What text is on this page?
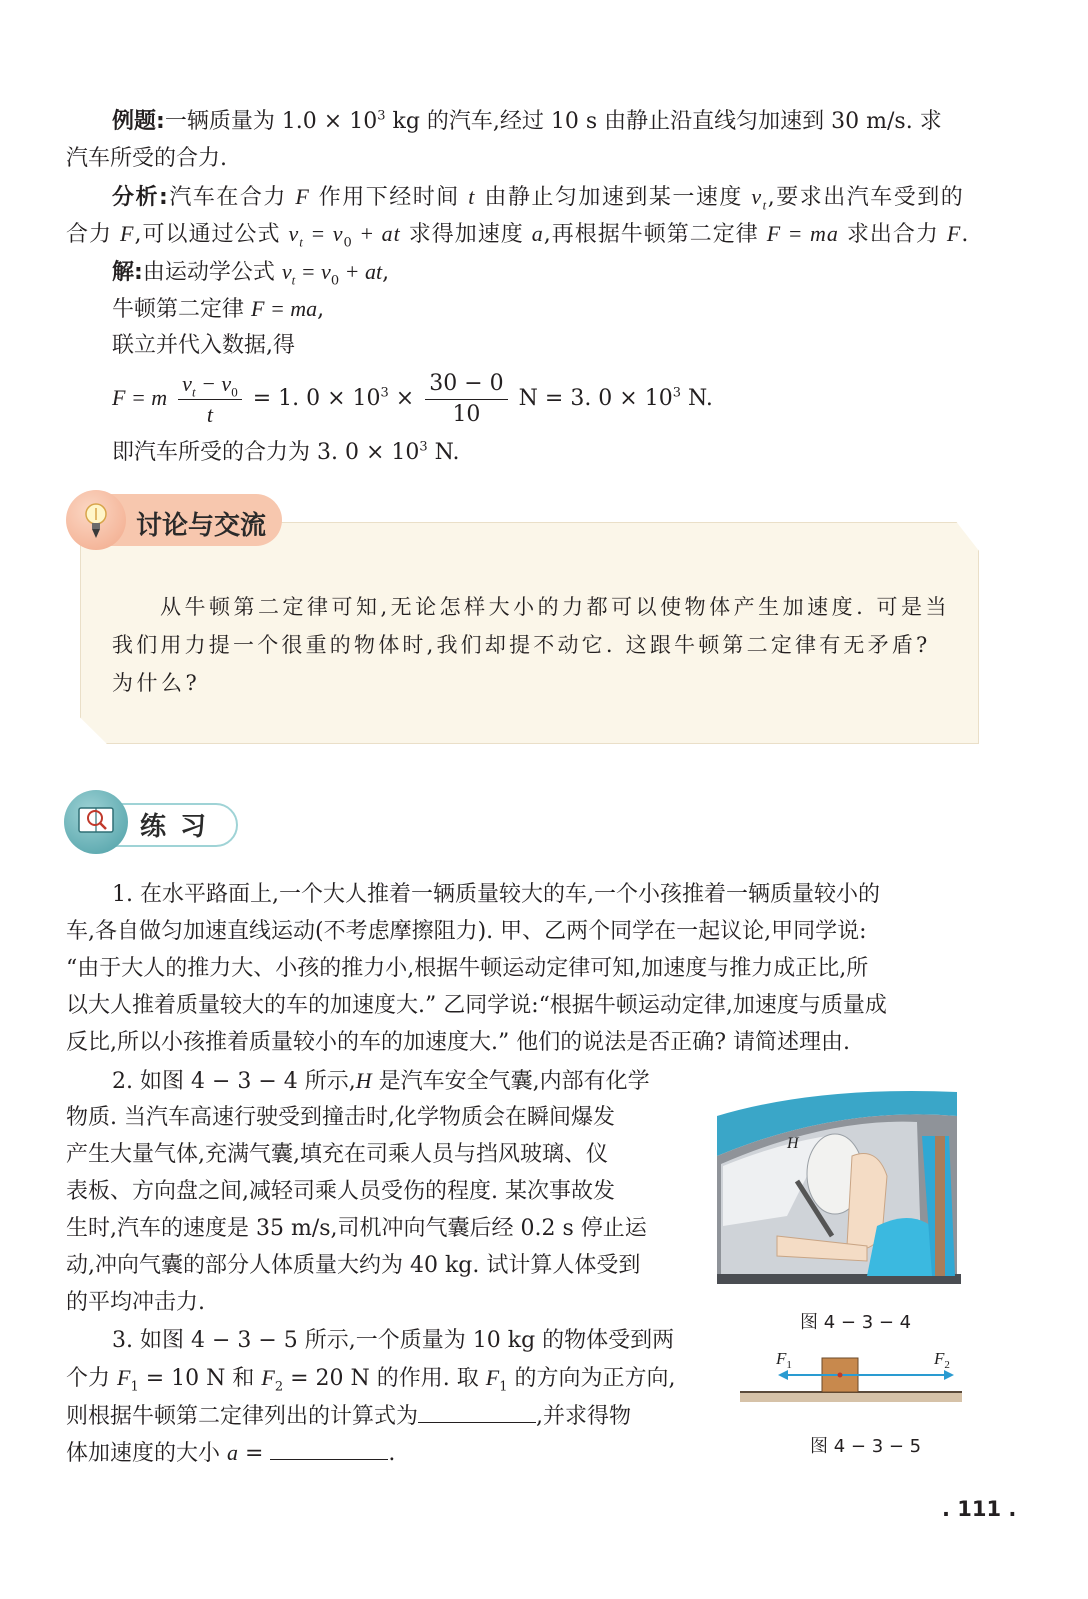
例题:一辆质量为 $1.0 \times 10^3$ kg 的汽车,经过 10 s 由静止沿直线匀加速到 30 m/s. 求
汽车所受的合力.
分析:汽车在合力 F 作用下经时间 t 由静止匀加速到某一速度 $v_t$,要求出汽车受到的
合力 F,可以通过公式 $v_t = v_0$ + at 求得加速度 a,再根据牛顿第二定律 F = ma 求出合力 F.
解:由运动学公式 $v_t = v_0$ + at,
牛顿第二定律 F = ma,
联立并代入数据,得
F = m $\frac{v_t - v_0}{t} = 1$. $0 \times 10^3 \times \frac{30 - 0}{10}$ N = 3. $0 \times 10^3$ N.
即汽车所受的合力为 3. $0 \times 10^3$ N.
讨论与交流
从牛顿第二定律可知,无论怎样大小的力都可以使物体产生加速度. 可是当
我们用力提一个很重的物体时,我们却提不动它. 这跟牛顿第二定律有无矛盾?
为什么?
练习
1. 在水平路面上,一个大人推着一辆质量较大的车,一个小孩推着一辆质量较小的
车,各自做匀加速直线运动(不考虑摩擦阻力). 甲、乙两个同学在一起议论,甲同学说:
“由于大人的推力大、小孩的推力小,根据牛顿运动定律可知,加速度与推力成正比,所
以大人推着质量较大的车的加速度大.” 乙同学说:“根据牛顿运动定律,加速度与质量成
反比,所以小孩推着质量较小的车的加速度大.” 他们的说法是否正确? 请简述理由.
2. 如图 4 − 3 − 4 所示,H 是汽车安全气囊,内部有化学
物质. 当汽车高速行驶受到撞击时,化学物质会在瞬间爆发
产生大量气体,充满气囊,填充在司乘人员与挡风玻璃、仪
表板、方向盘之间,减轻司乘人员受伤的程度. 某次事故发
生时,汽车的速度是 35 m/s,司机冲向气囊后经 0.2 s 停止运
动,冲向气囊的部分人体质量大约为 40 kg. 试计算人体受到
的平均冲击力.
3. 如图 4 − 3 − 5 所示,一个质量为 10 kg 的物体受到两
个力 $F_1 = 10$ N 和 $F_2 = 20$ N 的作用. 取 $F_1$ 的方向为正方向,
则根据牛顿第二定律列出的计算式为	,并求得物
体加速度的大小 a =	.
H
图 4 − 3 − 4
$F_1$	$F_2$
图 4 − 3 − 5
. 111 .
